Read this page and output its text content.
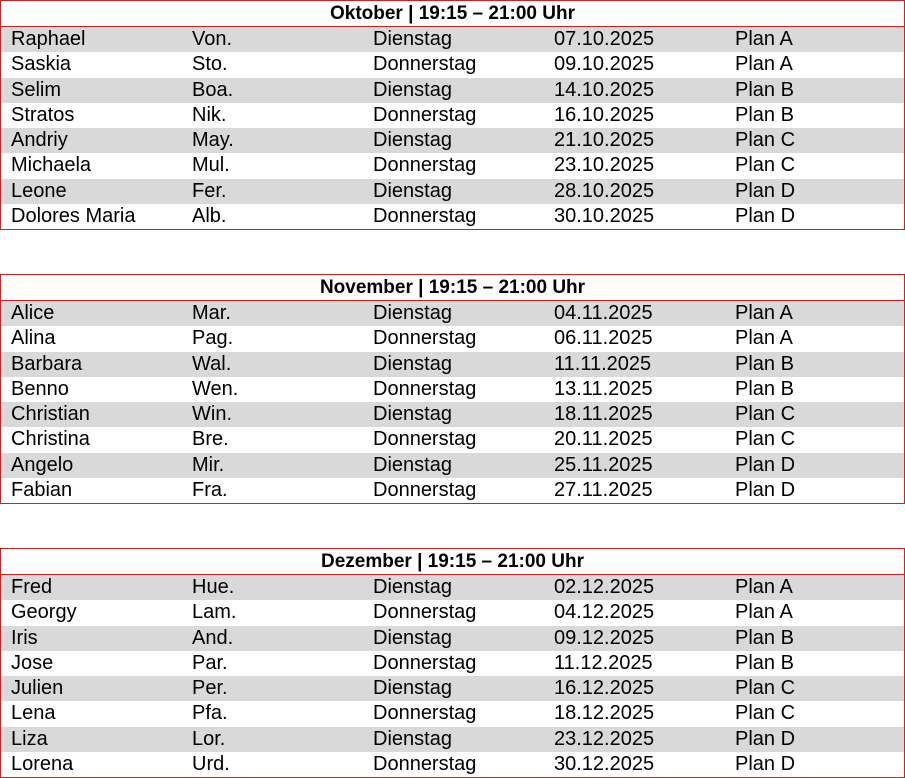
Oktober | 19:15 – 21:00 Uhr
Raphael	Von.	Dienstag	07.10.2025	Plan A
Saskia	Sto.	Donnerstag	09.10.2025	Plan A
Selim	Boa.	Dienstag	14.10.2025	Plan B
Stratos	Nik.	Donnerstag	16.10.2025	Plan B
Andriy	May.	Dienstag	21.10.2025	Plan C
Michaela	Mul.	Donnerstag	23.10.2025	Plan C
Leone	Fer.	Dienstag	28.10.2025	Plan D
Dolores Maria	Alb.	Donnerstag	30.10.2025	Plan D
November | 19:15 – 21:00 Uhr
Alice	Mar.	Dienstag	04.11.2025	Plan A
Alina	Pag.	Donnerstag	06.11.2025	Plan A
Barbara	Wal.	Dienstag	11.11.2025	Plan B
Benno	Wen.	Donnerstag	13.11.2025	Plan B
Christian	Win.	Dienstag	18.11.2025	Plan C
Christina	Bre.	Donnerstag	20.11.2025	Plan C
Angelo	Mir.	Dienstag	25.11.2025	Plan D
Fabian	Fra.	Donnerstag	27.11.2025	Plan D
Dezember | 19:15 – 21:00 Uhr
Fred	Hue.	Dienstag	02.12.2025	Plan A
Georgy	Lam.	Donnerstag	04.12.2025	Plan A
Iris	And.	Dienstag	09.12.2025	Plan B
Jose	Par.	Donnerstag	11.12.2025	Plan B
Julien	Per.	Dienstag	16.12.2025	Plan C
Lena	Pfa.	Donnerstag	18.12.2025	Plan C
Liza	Lor.	Dienstag	23.12.2025	Plan D
Lorena	Urd.	Donnerstag	30.12.2025	Plan D
